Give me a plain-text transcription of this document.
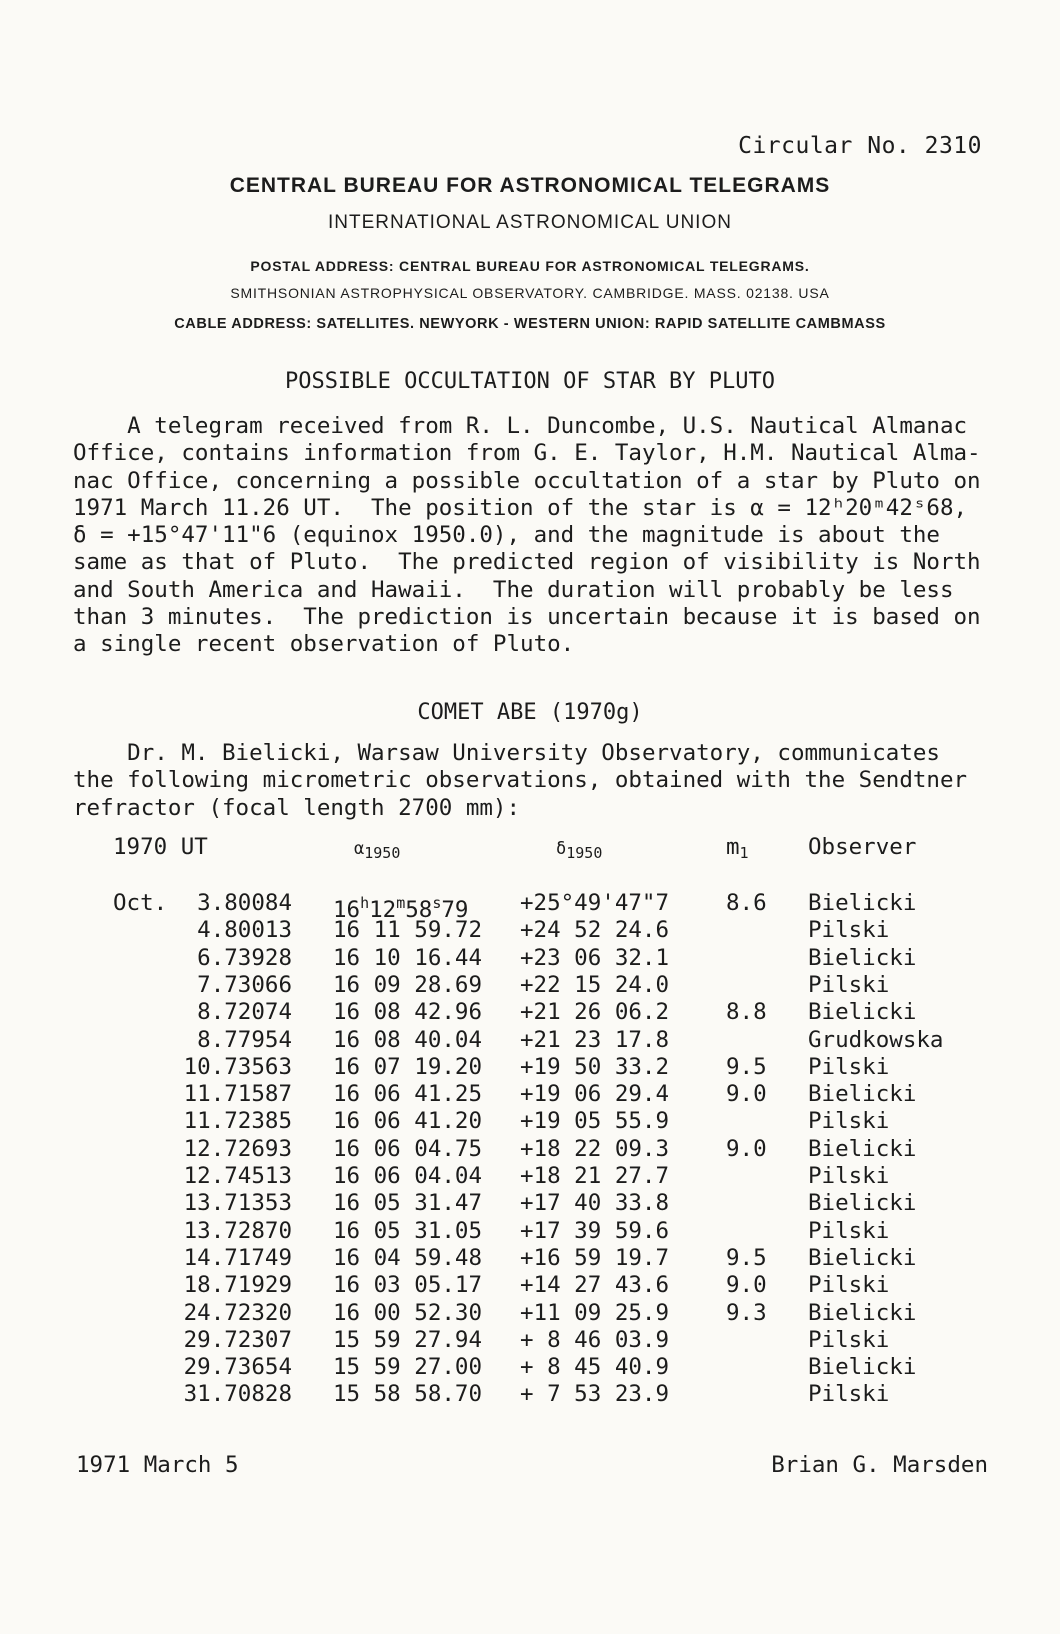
Circular No. 2310
CENTRAL BUREAU FOR ASTRONOMICAL TELEGRAMS
INTERNATIONAL ASTRONOMICAL UNION
POSTAL ADDRESS: CENTRAL BUREAU FOR ASTRONOMICAL TELEGRAMS.
SMITHSONIAN ASTROPHYSICAL OBSERVATORY. CAMBRIDGE. MASS. 02138. USA
CABLE ADDRESS: SATELLITES. NEWYORK - WESTERN UNION: RAPID SATELLITE CAMBMASS
POSSIBLE OCCULTATION OF STAR BY PLUTO
A telegram received from R. L. Duncombe, U.S. Nautical Almanac
Office, contains information from G. E. Taylor, H.M. Nautical Alma-
nac Office, concerning a possible occultation of a star by Pluto on
1971 March 11.26 UT.  The position of the star is α = 12ʰ20ᵐ42ˢ68,
δ = +15°47'11"6 (equinox 1950.0), and the magnitude is about the
same as that of Pluto.  The predicted region of visibility is North
and South America and Hawaii.  The duration will probably be less
than 3 minutes.  The prediction is uncertain because it is based on
a single recent observation of Pluto.
COMET ABE (1970g)
Dr. M. Bielicki, Warsaw University Observatory, communicates
the following micrometric observations, obtained with the Sendtner
refractor (focal length 2700 mm):
1970 UT	$\alpha_{1950}$	$\delta_{1950}$	$m_1$	Observer
Oct. 3.80084 $16^h12^m58^s79$ +25°49'47"7	8.6 Bielicki
4.80013 16 11 59.72 +24 52 24.6	Pilski
6.73928 16 10 16.44 +23 06 32.1	Bielicki
7.73066 16 09 28.69 +22 15 24.0	Pilski
8.72074 16 08 42.96 +21 26 06.2	8.8 Bielicki
8.77954 16 08 40.04 +21 23 17.8	Grudkowska
10.73563 16 07 19.20 +19 50 33.2	9.5 Pilski
11.71587 16 06 41.25 +19 06 29.4	9.0 Bielicki
11.72385 16 06 41.20 +19 05 55.9	Pilski
12.72693 16 06 04.75 +18 22 09.3	9.0 Bielicki
12.74513 16 06 04.04 +18 21 27.7	Pilski
13.71353 16 05 31.47 +17 40 33.8	Bielicki
13.72870 16 05 31.05 +17 39 59.6	Pilski
14.71749 16 04 59.48 +16 59 19.7	9.5 Bielicki
18.71929 16 03 05.17 +14 27 43.6	9.0 Pilski
24.72320 16 00 52.30 +11 09 25.9	9.3 Bielicki
29.72307 15 59 27.94 + 8 46 03.9	Pilski
29.73654 15 59 27.00 + 8 45 40.9	Bielicki
31.70828 15 58 58.70 + 7 53 23.9	Pilski
1971 March 5	Brian G. Marsden
